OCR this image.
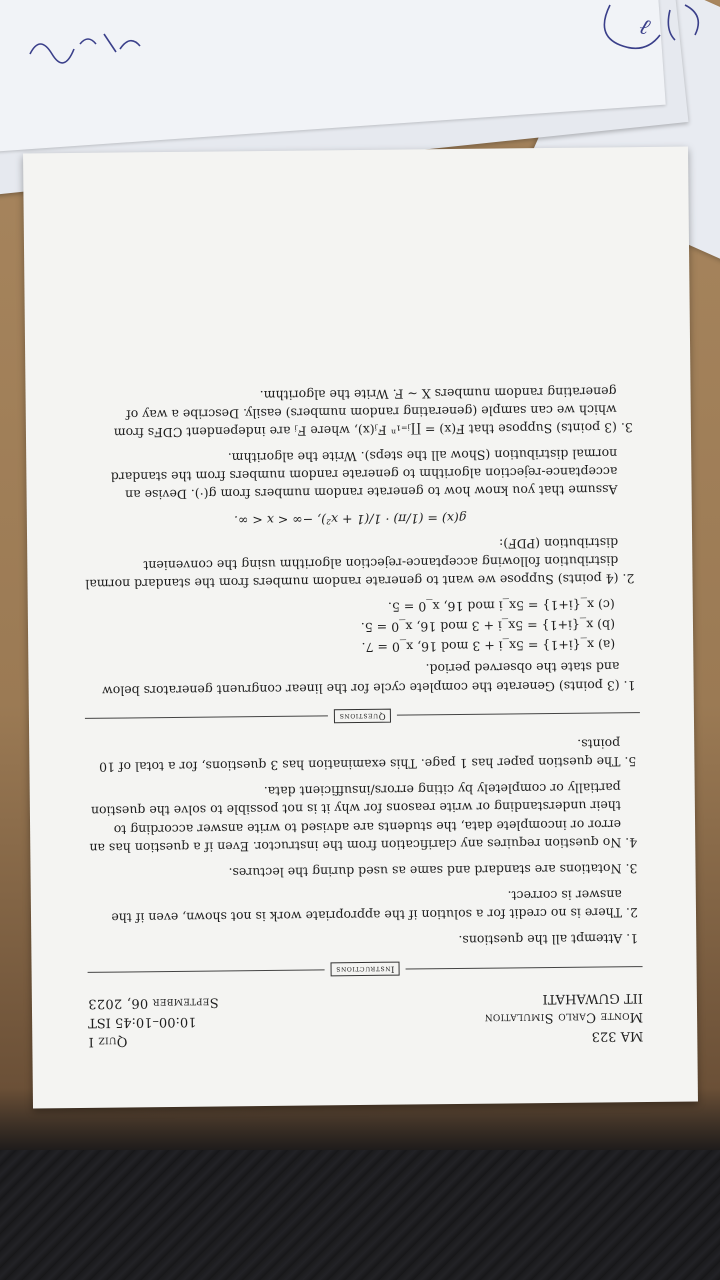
MA 323
Monte Carlo Simulation
IIT GUWAHATI
Quiz I
10:00–10:45 IST
September 06, 2023
Instructions
1. Attempt all the questions.
2. There is no credit for a solution if the appropriate work is not shown, even if the answer is correct.
3. Notations are standard and same as used during the lectures.
4. No question requires any clarification from the instructor. Even if a question has an error or incomplete data, the students are advised to write answer according to their understanding or write reasons for why it is not possible to solve the question partially or completely by citing errors/insufficient data.
5. The question paper has 1 page. This examination has 3 questions, for a total of 10 points.
Questions
1. (3 points) Generate the complete cycle for the linear congruent generators below and state the observed period.
(a) x_{i+1} = 5x_i + 3 mod 16, x_0 = 7.
(b) x_{i+1} = 5x_i + 3 mod 16, x_0 = 5.
(c) x_{i+1} = 5x_i mod 16, x_0 = 5.
2. (4 points) Suppose we want to generate random numbers from the standard normal distribution following acceptance-rejection algorithm using the convenient distribution (PDF):
g(x) = (1/π) · 1/(1 + x²), −∞ < x < ∞.
Assume that you know how to generate random numbers from g(·). Devise an acceptance-rejection algorithm to generate random numbers from the standard normal distribution (Show all the steps). Write the algorithm.
3. (3 points) Suppose that F(x) = ∏ⱼ₌₁ⁿ Fⱼ(x), where Fⱼ are independent CDFs from which we can sample (generating random numbers) easily. Describe a way of generating random numbers X ∼ F. Write the algorithm.
ℓ
